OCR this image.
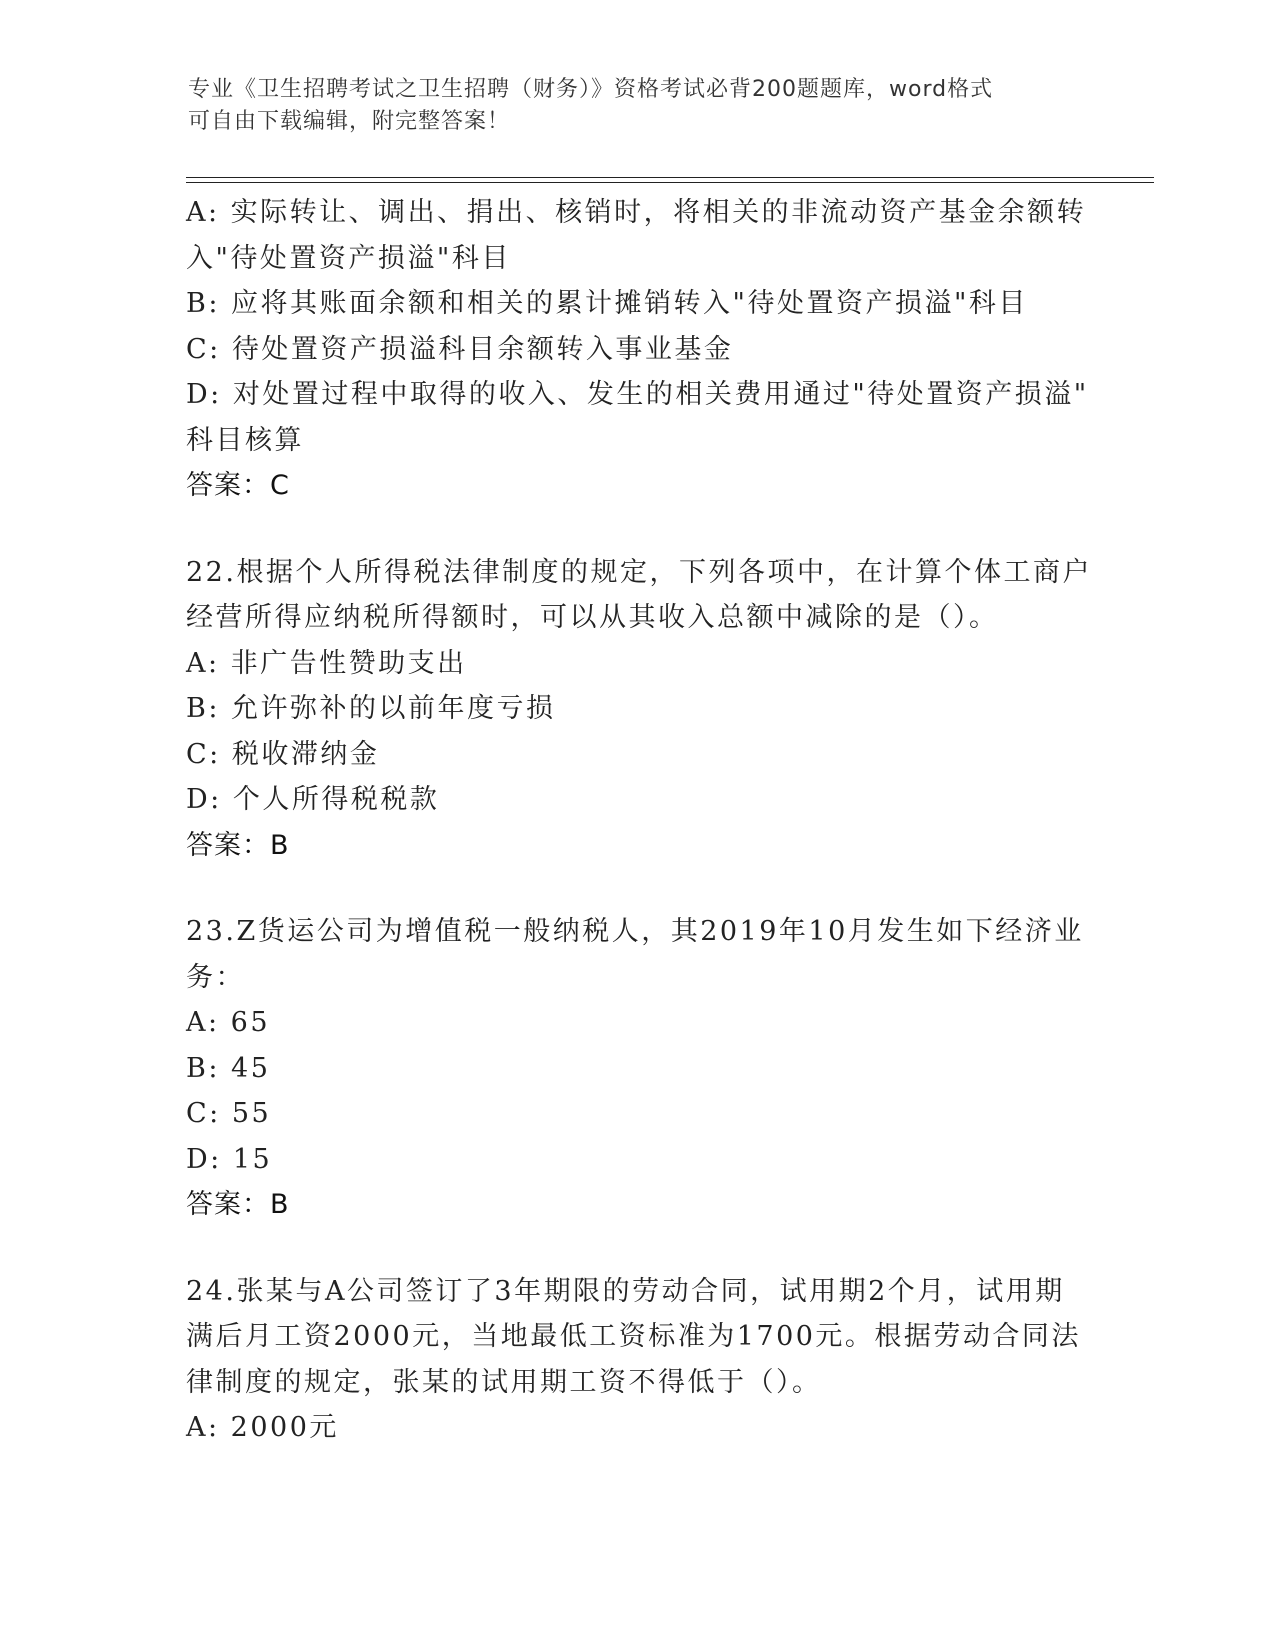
专业《卫生招聘考试之卫生招聘（财务）》资格考试必背200题题库，word格式
可自由下载编辑，附完整答案！
A: 实际转让、调出、捐出、核销时，将相关的非流动资产基金余额转
入"待处置资产损溢"科目
B: 应将其账面余额和相关的累计摊销转入"待处置资产损溢"科目
C: 待处置资产损溢科目余额转入事业基金
D: 对处置过程中取得的收入、发生的相关费用通过"待处置资产损溢"
科目核算
答案：C
22.根据个人所得税法律制度的规定，下列各项中，在计算个体工商户
经营所得应纳税所得额时，可以从其收入总额中减除的是（）。
A: 非广告性赞助支出
B: 允许弥补的以前年度亏损
C: 税收滞纳金
D: 个人所得税税款
答案：B
23.Z货运公司为增值税一般纳税人，其2019年10月发生如下经济业
务：
A: 65
B: 45
C: 55
D: 15
答案：B
24.张某与A公司签订了3年期限的劳动合同，试用期2个月，试用期
满后月工资2000元，当地最低工资标准为1700元。根据劳动合同法
律制度的规定，张某的试用期工资不得低于（）。
A: 2000元
